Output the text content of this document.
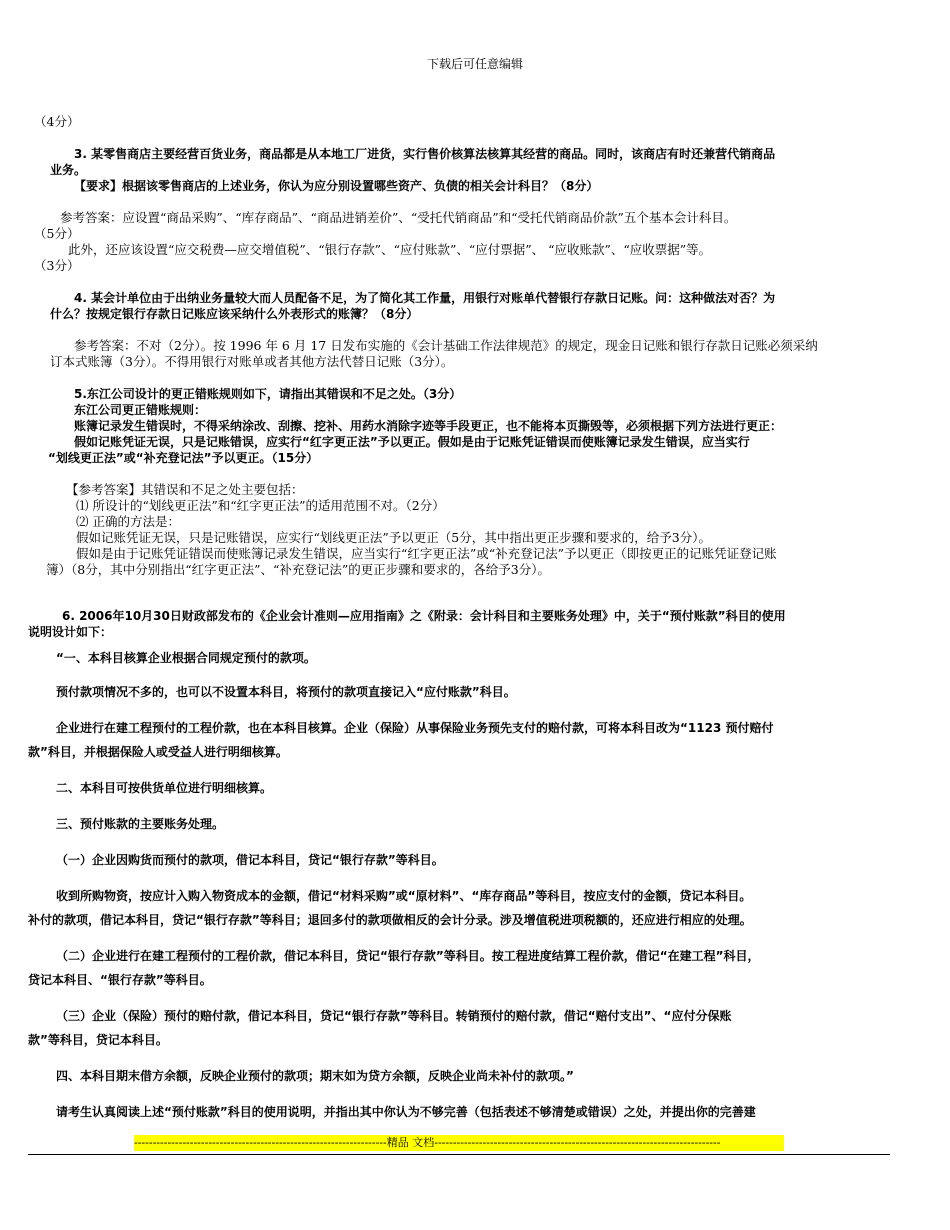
下载后可任意编辑
（4分）
3. 某零售商店主要经营百货业务，商品都是从本地工厂进货，实行售价核算法核算其经营的商品。同时，该商店有时还兼营代销商品
业务。
【要求】根据该零售商店的上述业务，你认为应分别设置哪些资产、负债的相关会计科目？（8分）
参考答案：应设置“商品采购”、“库存商品”、“商品进销差价”、“受托代销商品”和“受托代销商品价款”五个基本会计科目。
（5分）
此外，还应该设置“应交税费—应交增值税”、“银行存款”、“应付账款”、“应付票据”、 “应收账款”、“应收票据”等。
（3分）
4. 某会计单位由于出纳业务量较大而人员配备不足，为了简化其工作量，用银行对账单代替银行存款日记账。问：这种做法对否？为
什么？按规定银行存款日记账应该采纳什么外表形式的账簿？（8分）
参考答案：不对（2分）。按 1996 年 6 月 17 日发布实施的《会计基础工作法律规范》的规定，现金日记账和银行存款日记账必须采纳
订本式账簿（3分）。不得用银行对账单或者其他方法代替日记账（3分）。
5.东江公司设计的更正错账规则如下，请指出其错误和不足之处。（3分）
东江公司更正错账规则：
账簿记录发生错误时，不得采纳涂改、刮擦、挖补、用药水消除字迹等手段更正，也不能将本页撕毁等，必须根据下列方法进行更正：
假如记账凭证无误，只是记账错误，应实行“红字更正法”予以更正。假如是由于记账凭证错误而使账簿记录发生错误，应当实行
“划线更正法”或“补充登记法”予以更正。（15分）
【参考答案】其错误和不足之处主要包括：
⑴ 所设计的“划线更正法”和“红字更正法”的适用范围不对。（2分）
⑵ 正确的方法是：
假如记账凭证无误，只是记账错误，应实行“划线更正法”予以更正（5分，其中指出更正步骤和要求的，给予3分）。
假如是由于记账凭证错误而使账簿记录发生错误，应当实行“红字更正法”或“补充登记法”予以更正（即按更正的记账凭证登记账
簿）（8分，其中分别指出“红字更正法”、“补充登记法”的更正步骤和要求的，各给予3分）。
6. 2006年10月30日财政部发布的《企业会计准则—应用指南》之《附录：会计科目和主要账务处理》中，关于“预付账款”科目的使用
说明设计如下：
“一、本科目核算企业根据合同规定预付的款项。
预付款项情况不多的，也可以不设置本科目，将预付的款项直接记入“应付账款”科目。
企业进行在建工程预付的工程价款，也在本科目核算。企业（保险）从事保险业务预先支付的赔付款，可将本科目改为“1123 预付赔付
款”科目，并根据保险人或受益人进行明细核算。
二、本科目可按供货单位进行明细核算。
三、预付账款的主要账务处理。
（一）企业因购货而预付的款项，借记本科目，贷记“银行存款”等科目。
收到所购物资，按应计入购入物资成本的金额，借记“材料采购”或“原材料”、“库存商品”等科目，按应支付的金额，贷记本科目。
补付的款项，借记本科目，贷记“银行存款”等科目；退回多付的款项做相反的会计分录。涉及增值税进项税额的，还应进行相应的处理。
（二）企业进行在建工程预付的工程价款，借记本科目，贷记“银行存款”等科目。按工程进度结算工程价款，借记“在建工程”科目，
贷记本科目、“银行存款”等科目。
（三）企业（保险）预付的赔付款，借记本科目，贷记“银行存款”等科目。转销预付的赔付款，借记“赔付支出”、“应付分保账
款”等科目，贷记本科目。
四、本科目期末借方余额，反映企业预付的款项；期末如为贷方余额，反映企业尚未补付的款项。”
请考生认真阅读上述“预付账款”科目的使用说明，并指出其中你认为不够完善（包括表述不够清楚或错误）之处，并提出你的完善建
--------------------------------------------------------------------精品 文档-----------------------------------------------------------------------------
